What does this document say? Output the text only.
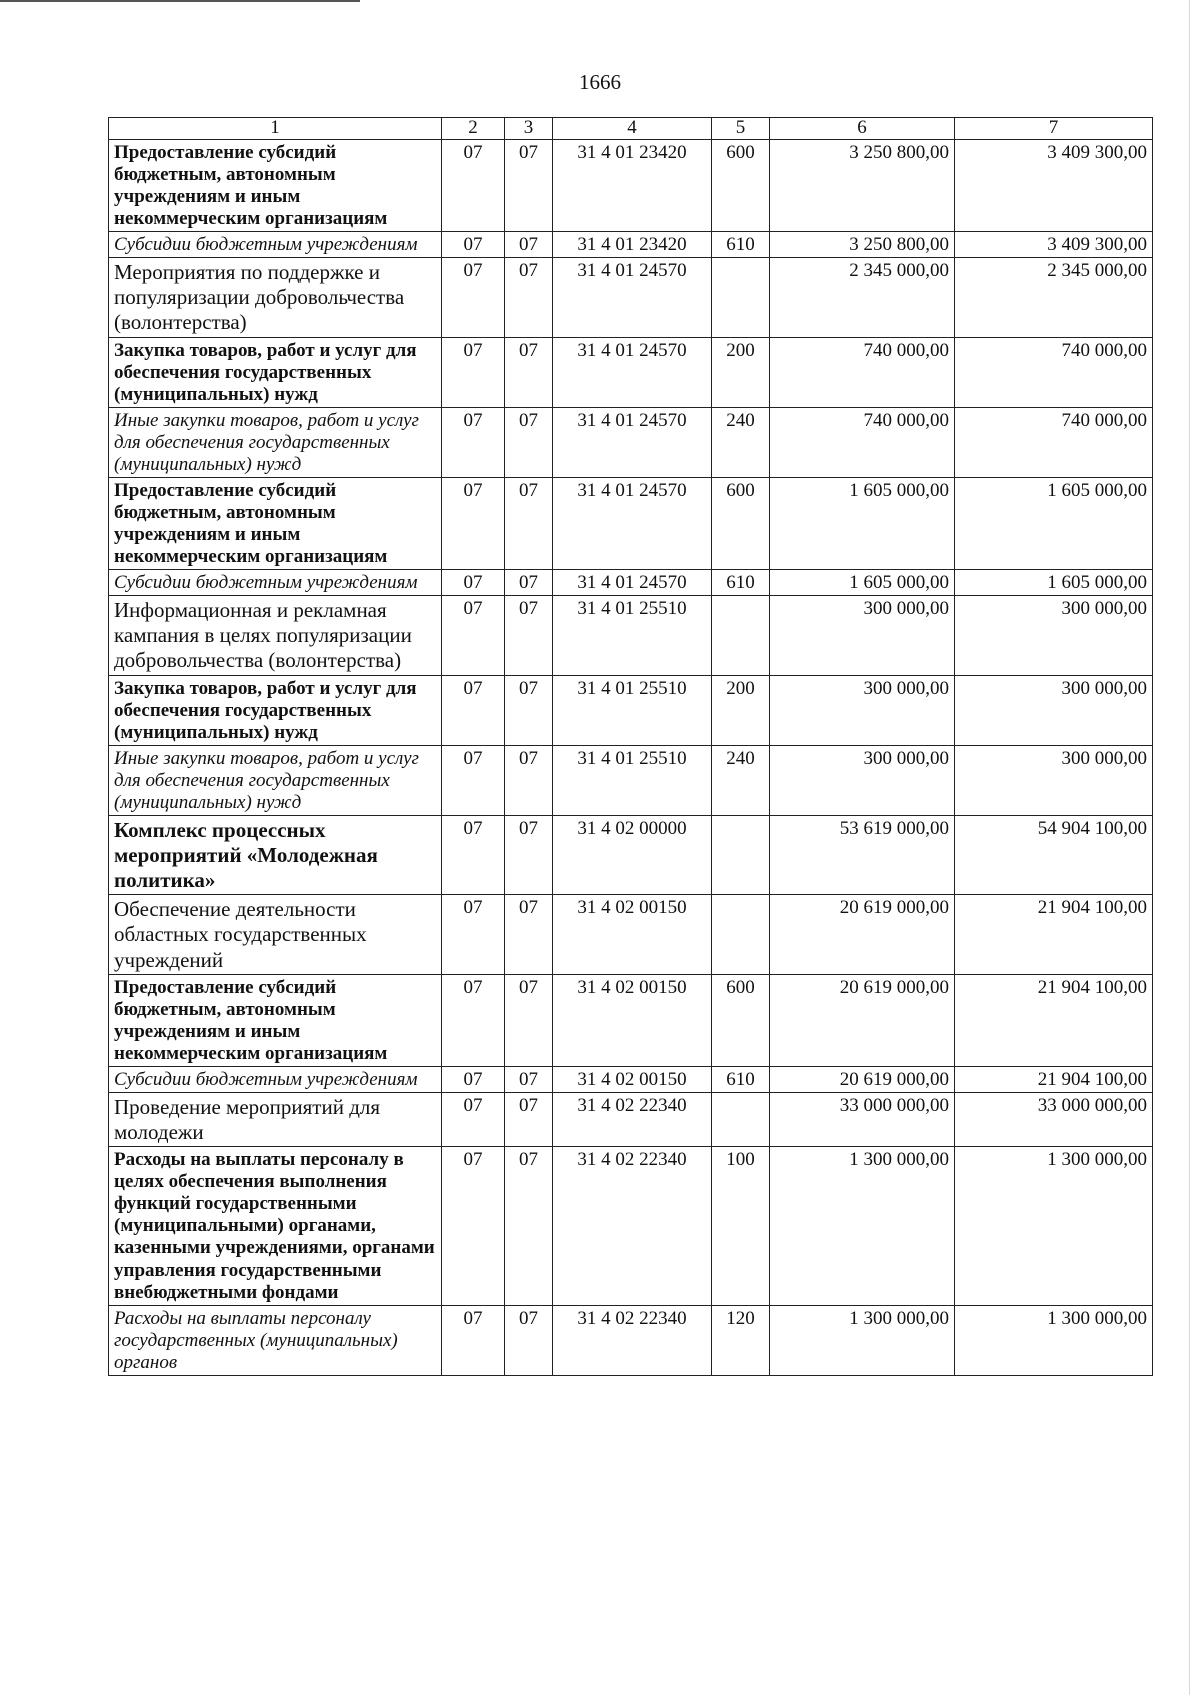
1666
1	2	3	4	5	6	7
Предоставление субсидий бюджетным, автономным учреждениям и иным некоммерческим организациям	07	07	31 4 01 23420	600	3 250 800,00	3 409 300,00
Субсидии бюджетным учреждениям	07	07	31 4 01 23420	610	3 250 800,00	3 409 300,00
Мероприятия по поддержке и популяризации добровольчества (волонтерства)	07	07	31 4 01 24570		2 345 000,00	2 345 000,00
Закупка товаров, работ и услуг для обеспечения государственных (муниципальных) нужд	07	07	31 4 01 24570	200	740 000,00	740 000,00
Иные закупки товаров, работ и услуг для обеспечения государственных (муниципальных) нужд	07	07	31 4 01 24570	240	740 000,00	740 000,00
Предоставление субсидий бюджетным, автономным учреждениям и иным некоммерческим организациям	07	07	31 4 01 24570	600	1 605 000,00	1 605 000,00
Субсидии бюджетным учреждениям	07	07	31 4 01 24570	610	1 605 000,00	1 605 000,00
Информационная и рекламная кампания в целях популяризации добровольчества (волонтерства)	07	07	31 4 01 25510		300 000,00	300 000,00
Закупка товаров, работ и услуг для обеспечения государственных (муниципальных) нужд	07	07	31 4 01 25510	200	300 000,00	300 000,00
Иные закупки товаров, работ и услуг для обеспечения государственных (муниципальных) нужд	07	07	31 4 01 25510	240	300 000,00	300 000,00
Комплекс процессных мероприятий «Молодежная политика»	07	07	31 4 02 00000		53 619 000,00	54 904 100,00
Обеспечение деятельности областных государственных учреждений	07	07	31 4 02 00150		20 619 000,00	21 904 100,00
Предоставление субсидий бюджетным, автономным учреждениям и иным некоммерческим организациям	07	07	31 4 02 00150	600	20 619 000,00	21 904 100,00
Субсидии бюджетным учреждениям	07	07	31 4 02 00150	610	20 619 000,00	21 904 100,00
Проведение мероприятий для молодежи	07	07	31 4 02 22340		33 000 000,00	33 000 000,00
Расходы на выплаты персоналу в целях обеспечения выполнения функций государственными (муниципальными) органами, казенными учреждениями, органами управления государственными внебюджетными фондами	07	07	31 4 02 22340	100	1 300 000,00	1 300 000,00
Расходы на выплаты персоналу государственных (муниципальных) органов	07	07	31 4 02 22340	120	1 300 000,00	1 300 000,00
